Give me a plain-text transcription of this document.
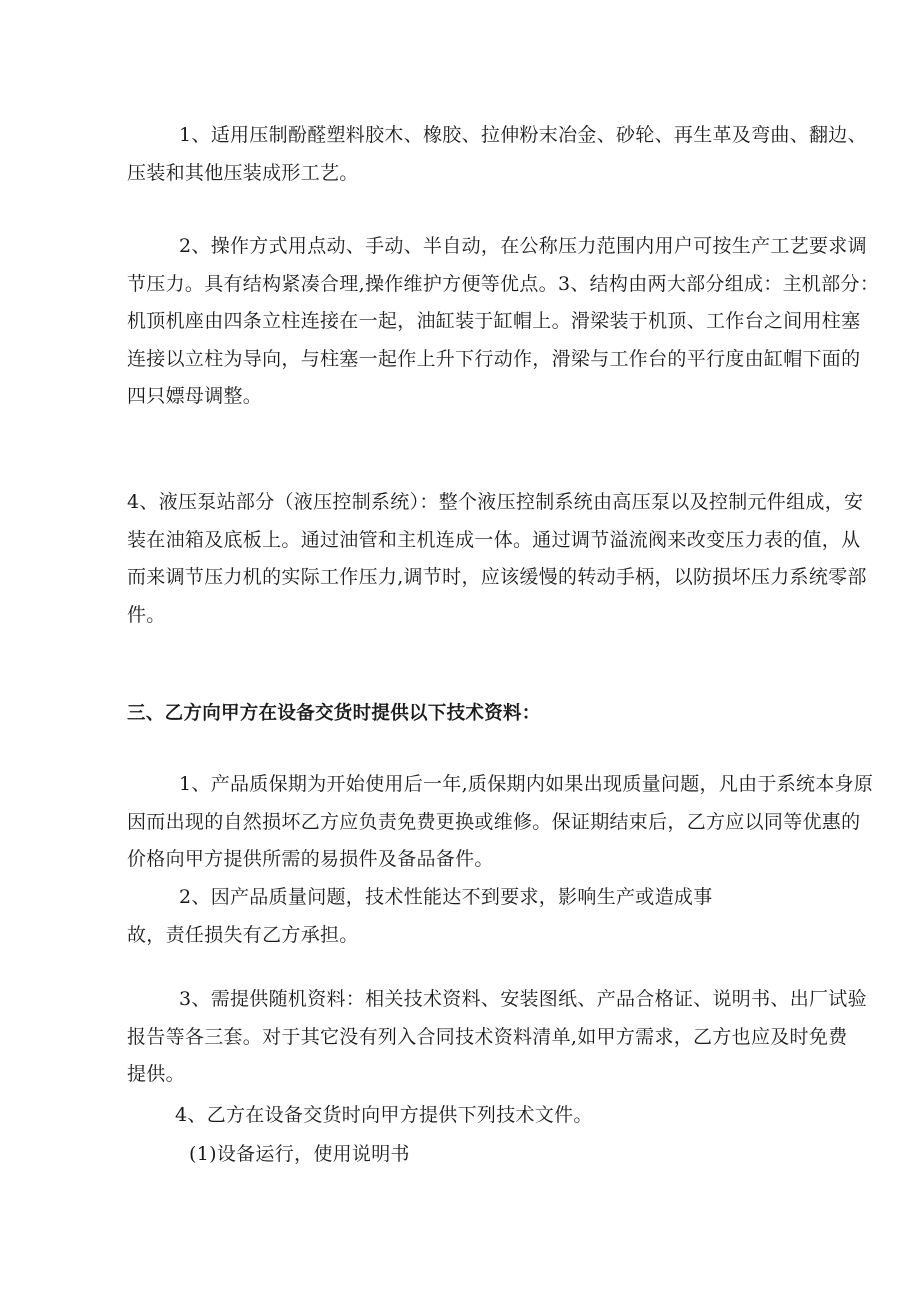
1、适用压制酚醛塑料胶木、橡胶、拉伸粉末冶金、砂轮、再生革及弯曲、翻边、
压装和其他压装成形工艺。

2、操作方式用点动、手动、半自动，在公称压力范围内用户可按生产工艺要求调
节压力。具有结构紧凑合理,操作维护方便等优点。3、结构由两大部分组成：主机部分：
机顶机座由四条立柱连接在一起，油缸装于缸帽上。滑梁装于机顶、工作台之间用柱塞
连接以立柱为导向，与柱塞一起作上升下行动作，滑梁与工作台的平行度由缸帽下面的
四只嫖母调整。

4、液压泵站部分（液压控制系统）：整个液压控制系统由高压泵以及控制元件组成，安
装在油箱及底板上。通过油管和主机连成一体。通过调节溢流阀来改变压力表的值，从
而来调节压力机的实际工作压力,调节时，应该缓慢的转动手柄，以防损坏压力系统零部
件。

三、乙方向甲方在设备交货时提供以下技术资料：

1、产品质保期为开始使用后一年,质保期内如果出现质量问题，凡由于系统本身原
因而出现的自然损坏乙方应负责免费更换或维修。保证期结束后，乙方应以同等优惠的
价格向甲方提供所需的易损件及备品备件。

2、因产品质量问题，技术性能达不到要求，影响生产或造成事
故，责任损失有乙方承担。

3、需提供随机资料：相关技术资料、安装图纸、产品合格证、说明书、出厂试验
报告等各三套。对于其它没有列入合同技术资料清单,如甲方需求，乙方也应及时免费
提供。

4、乙方在设备交货时向甲方提供下列技术文件。

(1)设备运行，使用说明书
